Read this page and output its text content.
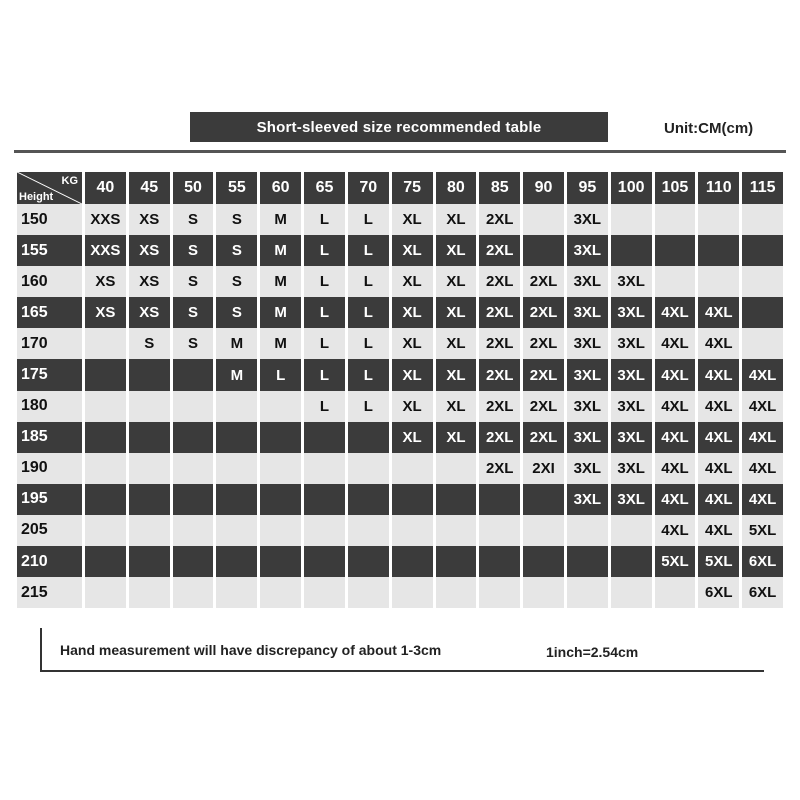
Short-sleeved size recommended table	Unit:CM(cm)
KG
Height	40	45	50	55	60	65	70	75	80	85	90	95	100	105	110	115
150	XXS	XS	S	S	M	L	L	XL	XL	2XL		3XL				
155	XXS	XS	S	S	M	L	L	XL	XL	2XL		3XL				
160	XS	XS	S	S	M	L	L	XL	XL	2XL	2XL	3XL	3XL			
165	XS	XS	S	S	M	L	L	XL	XL	2XL	2XL	3XL	3XL	4XL	4XL	
170		S	S	M	M	L	L	XL	XL	2XL	2XL	3XL	3XL	4XL	4XL	
175				M	L	L	L	XL	XL	2XL	2XL	3XL	3XL	4XL	4XL	4XL
180						L	L	XL	XL	2XL	2XL	3XL	3XL	4XL	4XL	4XL
185								XL	XL	2XL	2XL	3XL	3XL	4XL	4XL	4XL
190										2XL	2XI	3XL	3XL	4XL	4XL	4XL
195												3XL	3XL	4XL	4XL	4XL
205														4XL	4XL	5XL
210														5XL	5XL	6XL
215															6XL	6XL
Hand measurement will have discrepancy of about 1-3cm	1inch=2.54cm
